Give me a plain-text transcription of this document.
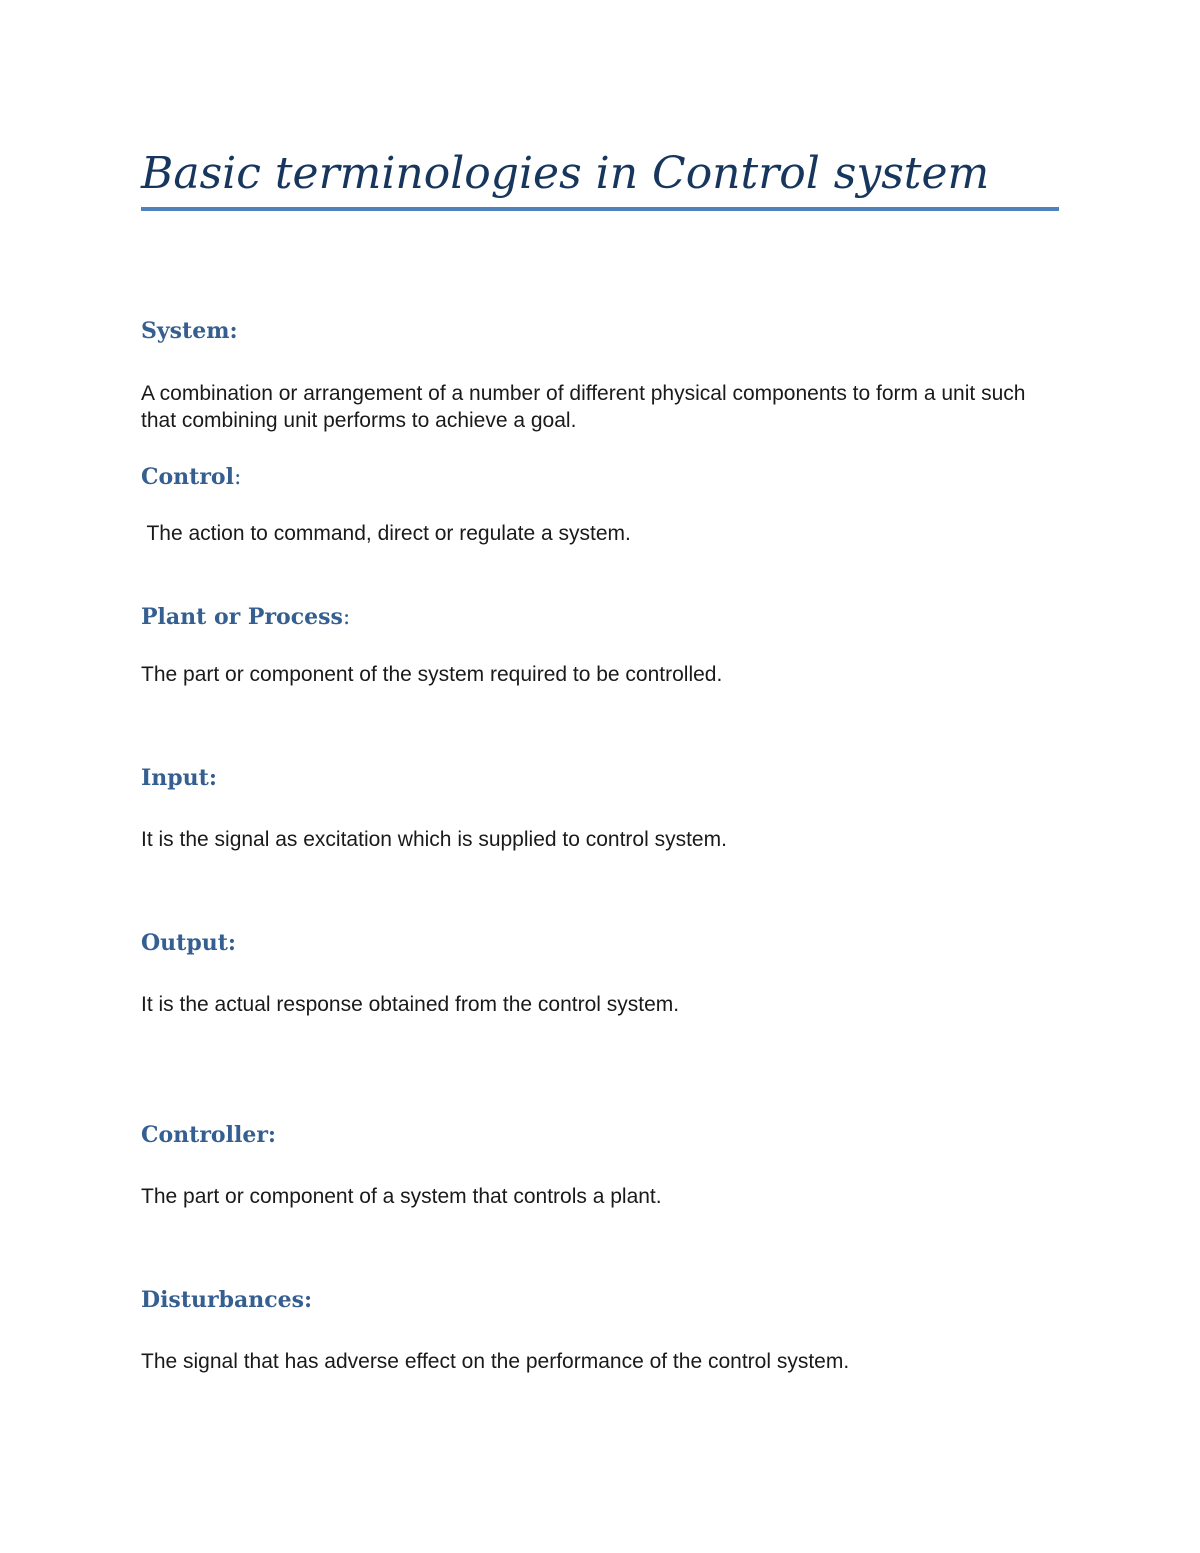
Basic terminologies in Control system
System:

A combination or arrangement of a number of different physical components to form a unit such that combining unit performs to achieve a goal.

Control:

The action to command, direct or regulate a system.

Plant or Process:

The part or component of the system required to be controlled.

Input:

It is the signal as excitation which is supplied to control system.

Output:

It is the actual response obtained from the control system.

Controller:

The part or component of a system that controls a plant.

Disturbances:

The signal that has adverse effect on the performance of the control system.
